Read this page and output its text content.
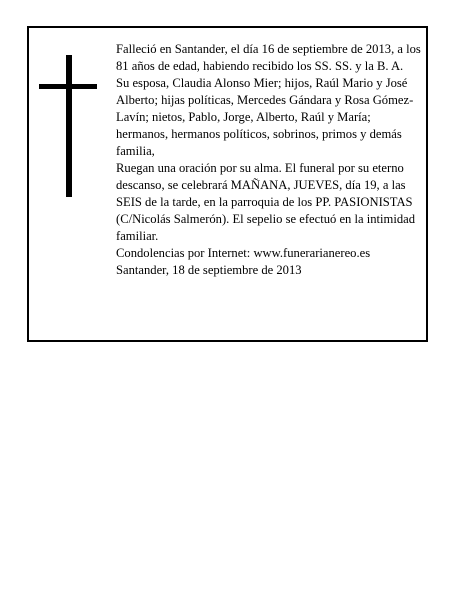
Falleció en Santander, el día 16 de septiembre de 2013, a los 81 años de edad, habiendo recibido los SS. SS. y la B. A.

Su esposa, Claudia Alonso Mier; hijos, Raúl Mario y José Alberto; hijas políticas, Mercedes Gándara y Rosa Gómez-Lavín; nietos, Pablo, Jorge, Alberto, Raúl y María; hermanos, hermanos políticos, sobrinos, primos y demás familia,

Ruegan una oración por su alma. El funeral por su eterno descanso, se celebrará MAÑANA, JUEVES, día 19, a las SEIS de la tarde, en la parroquia de los PP. PASIONISTAS (C/Nicolás Salmerón). El sepelio se efectuó en la intimidad familiar.

Condolencias por Internet: www.funerarianereo.es

Santander, 18 de septiembre de 2013
